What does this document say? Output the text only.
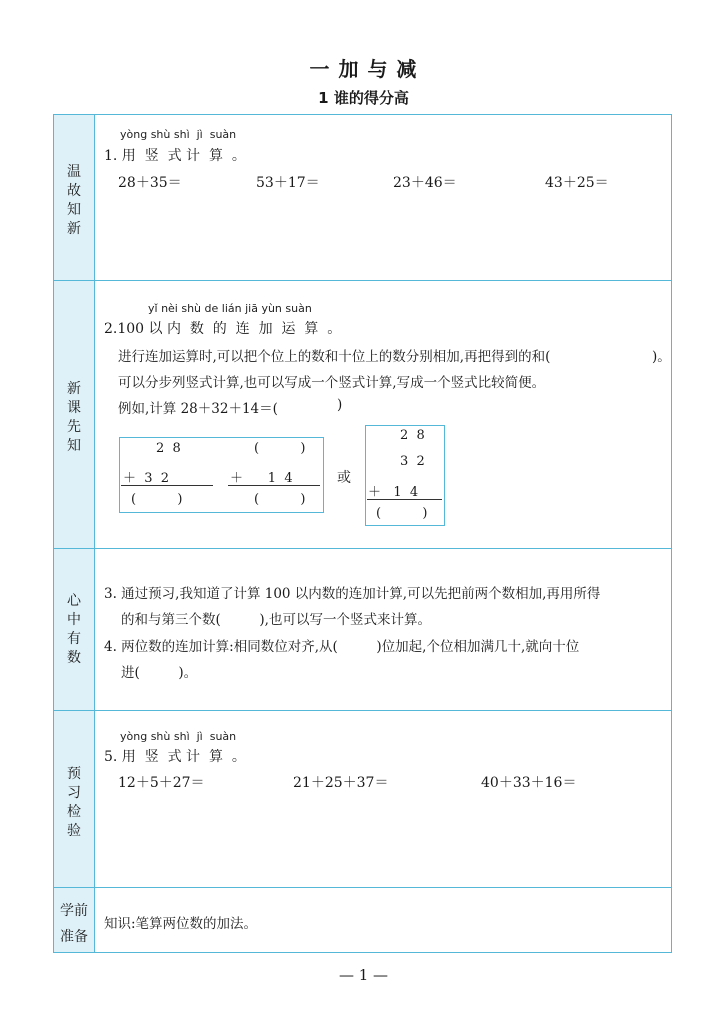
一 加 与 减
1 谁的得分高
温
故
知
新
yòng shù shì  jì  suàn
1. 用  竖  式 计  算  。
28＋35＝	53＋17＝	23＋46＝	43＋25＝
新
课
先
知
yǐ nèi shù de lián jiā yùn suàn
2.100 以 内  数  的  连  加  运  算  。
进行连加运算时,可以把个位上的数和十位上的数分别相加,再把得到的和(	)。
可以分步列竖式计算,也可以写成一个竖式计算,写成一个竖式比较简便。
例如,计算 28＋32＋14＝(	)
2  8	(          )
＋  3  2	＋      1  4
(          )	(          )
或
2  8
3  2
＋   1  4
(          )
心
中
有
数
3. 通过预习,我知道了计算 100 以内数的连加计算,可以先把前两个数相加,再用所得
的和与第三个数(         ),也可以写一个竖式来计算。
4. 两位数的连加计算:相同数位对齐,从(         )位加起,个位相加满几十,就向十位
进(         )。
预
习
检
验
yòng shù shì  jì  suàn
5. 用  竖  式 计  算  。
12＋5＋27＝	21＋25＋37＝	40＋33＋16＝
学前
准备
知识:笔算两位数的加法。
— 1 —
